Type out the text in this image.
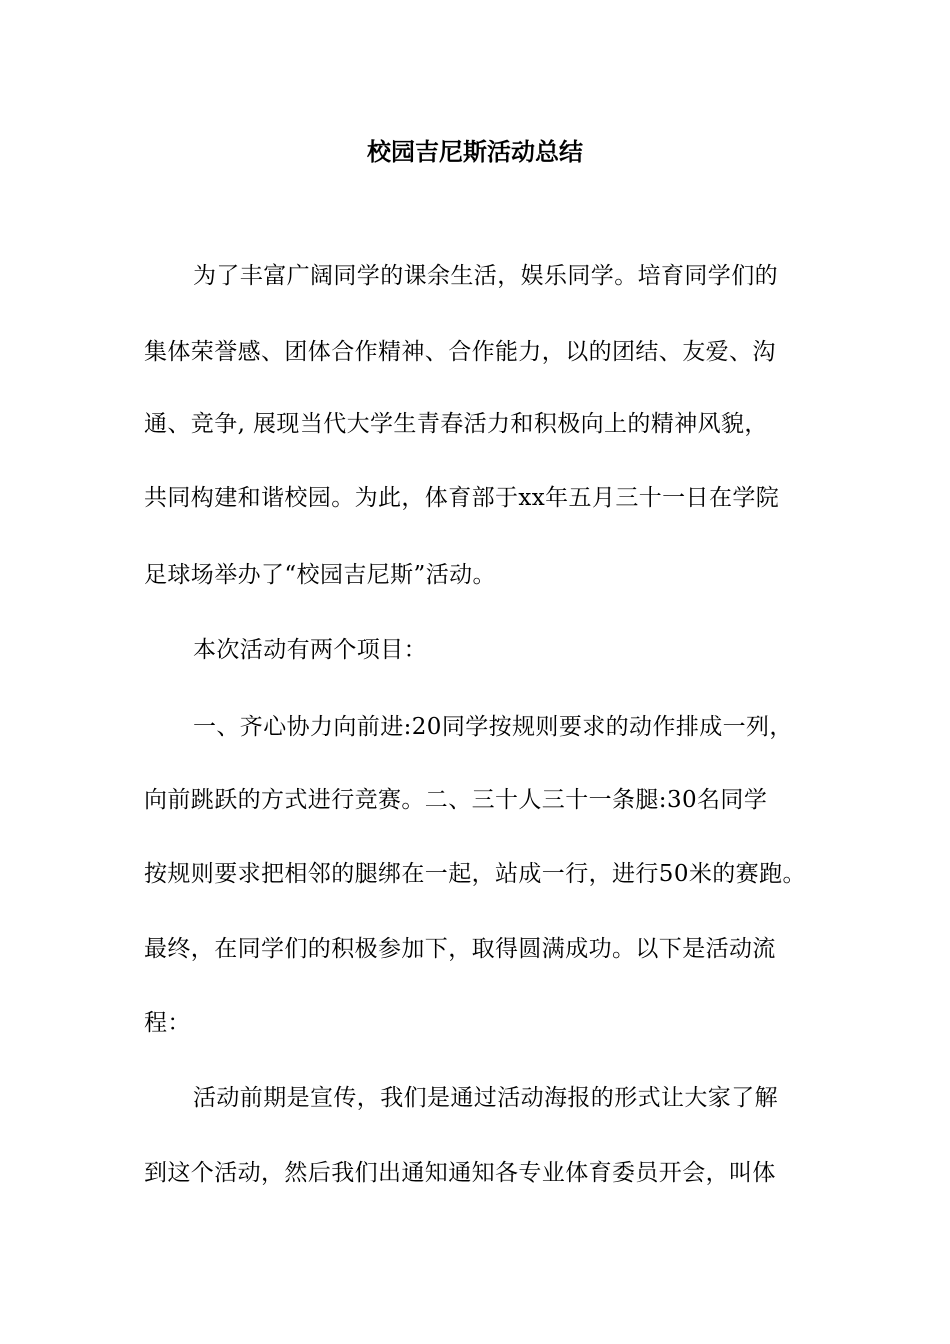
校园吉尼斯活动总结
为了丰富广阔同学的课余生活，娱乐同学。培育同学们的
集体荣誉感、团体合作精神、合作能力，以的团结、友爱、沟
通、竞争, 展现当代大学生青春活力和积极向上的精神风貌，
共同构建和谐校园。为此，体育部于xx年五月三十一日在学院
足球场举办了“校园吉尼斯”活动。
本次活动有两个项目：
一、齐心协力向前进:20同学按规则要求的动作排成一列，
向前跳跃的方式进行竞赛。二、三十人三十一条腿:30名同学
按规则要求把相邻的腿绑在一起，站成一行，进行50米的赛跑。
最终，在同学们的积极参加下，取得圆满成功。以下是活动流
程：
活动前期是宣传，我们是通过活动海报的形式让大家了解
到这个活动，然后我们出通知通知各专业体育委员开会，叫体
